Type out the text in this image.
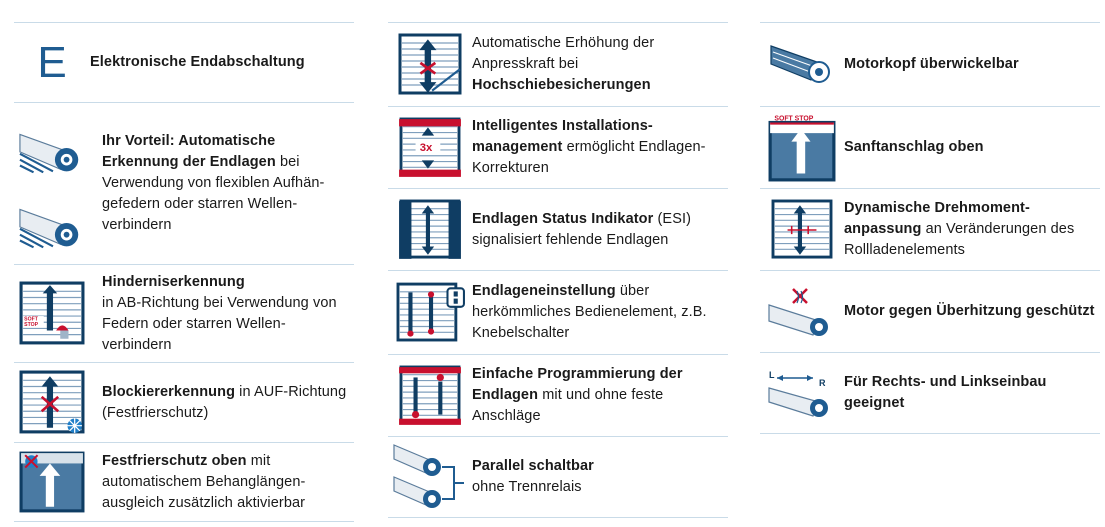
E Elektronische Endabschaltung
Ihr Vorteil: Automatische Erkennung der Endlagen bei Verwendung von flexiblen Aufhän-gefedern oder starren Wellen-verbindern
SOFT
STOP
Hinderniserkennung
in AB-Richtung bei Verwendung von Federn oder starren Wellen-verbindern
Blockiererkennung in AUF-Richtung (Festfrierschutz)
Festfrierschutz oben mit automatischem Behanglängen-ausgleich zusätzlich aktivierbar
Automatische Erhöhung der Anpresskraft bei Hochschiebesicherungen
3x
Intelligentes Installations-management ermöglicht Endlagen-Korrekturen
Endlagen Status Indikator (ESI) signalisiert fehlende Endlagen
Endlageneinstellung über herkömmliches Bedienelement, z.B. Knebelschalter
Einfache Programmierung der Endlagen mit und ohne feste Anschläge
Parallel schaltbar
ohne Trennrelais
Motorkopf überwickelbar
SOFT STOP
Sanftanschlag oben
Dynamische Drehmoment-anpassung an Veränderungen des Rollladenelements
Motor gegen Überhitzung geschützt
L
R Für Rechts- und Linkseinbau geeignet
